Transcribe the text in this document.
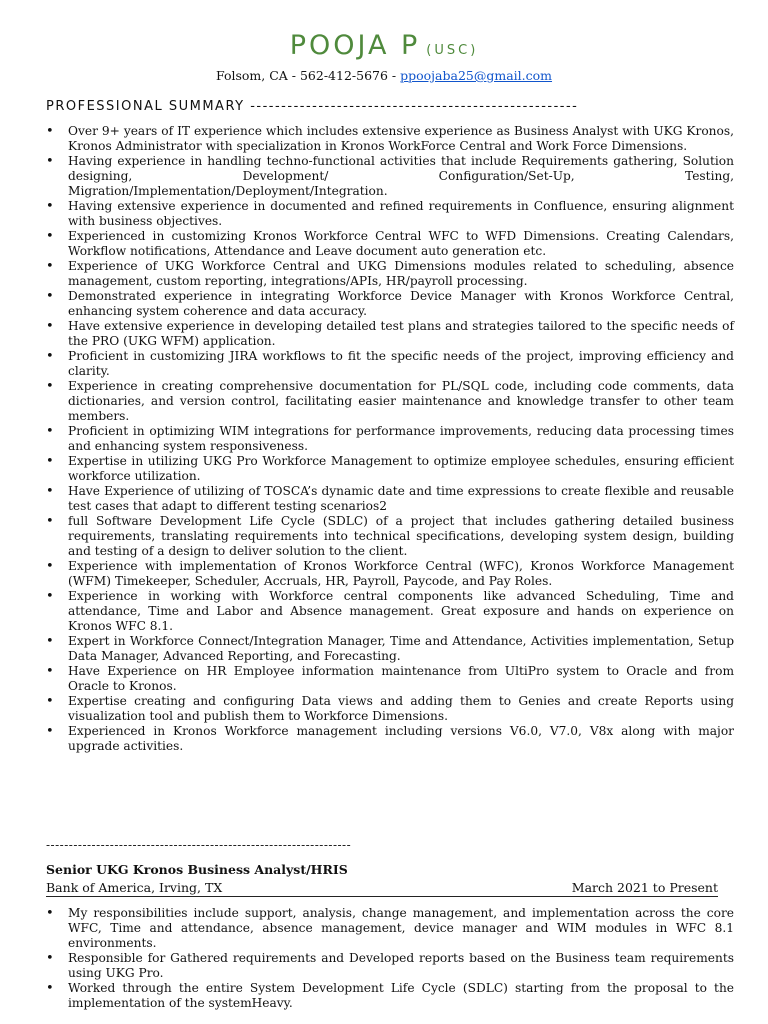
POOJA P (USC)
Folsom, CA - 562-412-5676 - ppoojaba25@gmail.com
PROFESSIONAL SUMMARY -----------------------------------------------------
• Over 9+ years of IT experience which includes extensive experience as Business Analyst with UKG Kronos, Kronos Administrator with specialization in Kronos WorkForce Central and Work Force Dimensions.
• Having experience in handling techno-functional activities that include Requirements gathering, Solution designing, Development/ Configuration/Set-Up, Testing, Migration/Implementation/Deployment/Integration.
• Having extensive experience in documented and refined requirements in Confluence, ensuring alignment with business objectives.
• Experienced in customizing Kronos Workforce Central WFC to WFD Dimensions. Creating Calendars, Workflow notifications, Attendance and Leave document auto generation etc.
• Experience of UKG Workforce Central and UKG Dimensions modules related to scheduling, absence management, custom reporting, integrations/APIs, HR/payroll processing.
• Demonstrated experience in integrating Workforce Device Manager with Kronos Workforce Central, enhancing system coherence and data accuracy.
• Have extensive experience in developing detailed test plans and strategies tailored to the specific needs of the PRO (UKG WFM) application.
• Proficient in customizing JIRA workflows to fit the specific needs of the project, improving efficiency and clarity.
• Experience in creating comprehensive documentation for PL/SQL code, including code comments, data dictionaries, and version control, facilitating easier maintenance and knowledge transfer to other team members.
• Proficient in optimizing WIM integrations for performance improvements, reducing data processing times and enhancing system responsiveness.
• Expertise in utilizing UKG Pro Workforce Management to optimize employee schedules, ensuring efficient workforce utilization.
• Have Experience of utilizing of TOSCA’s dynamic date and time expressions to create flexible and reusable test cases that adapt to different testing scenarios2
• full Software Development Life Cycle (SDLC) of a project that includes gathering detailed business requirements, translating requirements into technical specifications, developing system design, building and testing of a design to deliver solution to the client.
• Experience with implementation of Kronos Workforce Central (WFC), Kronos Workforce Management (WFM) Timekeeper, Scheduler, Accruals, HR, Payroll, Paycode, and Pay Roles.
• Experience in working with Workforce central components like advanced Scheduling, Time and attendance, Time and Labor and Absence management. Great exposure and hands on experience on Kronos WFC 8.1.
• Expert in Workforce Connect/Integration Manager, Time and Attendance, Activities implementation, Setup Data Manager, Advanced Reporting, and Forecasting.
• Have Experience on HR Employee information maintenance from UltiPro system to Oracle and from Oracle to Kronos.
• Expertise creating and configuring Data views and adding them to Genies and create Reports using visualization tool and publish them to Workforce Dimensions.
• Experienced in Kronos Workforce management including versions V6.0, V7.0, V8x along with major upgrade activities.
-------------------------------------------------------------------
Senior UKG Kronos Business Analyst/HRIS
Bank of America, Irving, TX	March 2021 to Present
• My responsibilities include support, analysis, change management, and implementation across the core WFC, Time and attendance, absence management, device manager and WIM modules in WFC 8.1 environments.
• Responsible for Gathered requirements and Developed reports based on the Business team requirements using UKG Pro.
• Worked through the entire System Development Life Cycle (SDLC) starting from the proposal to the implementation of the systemHeavy.
